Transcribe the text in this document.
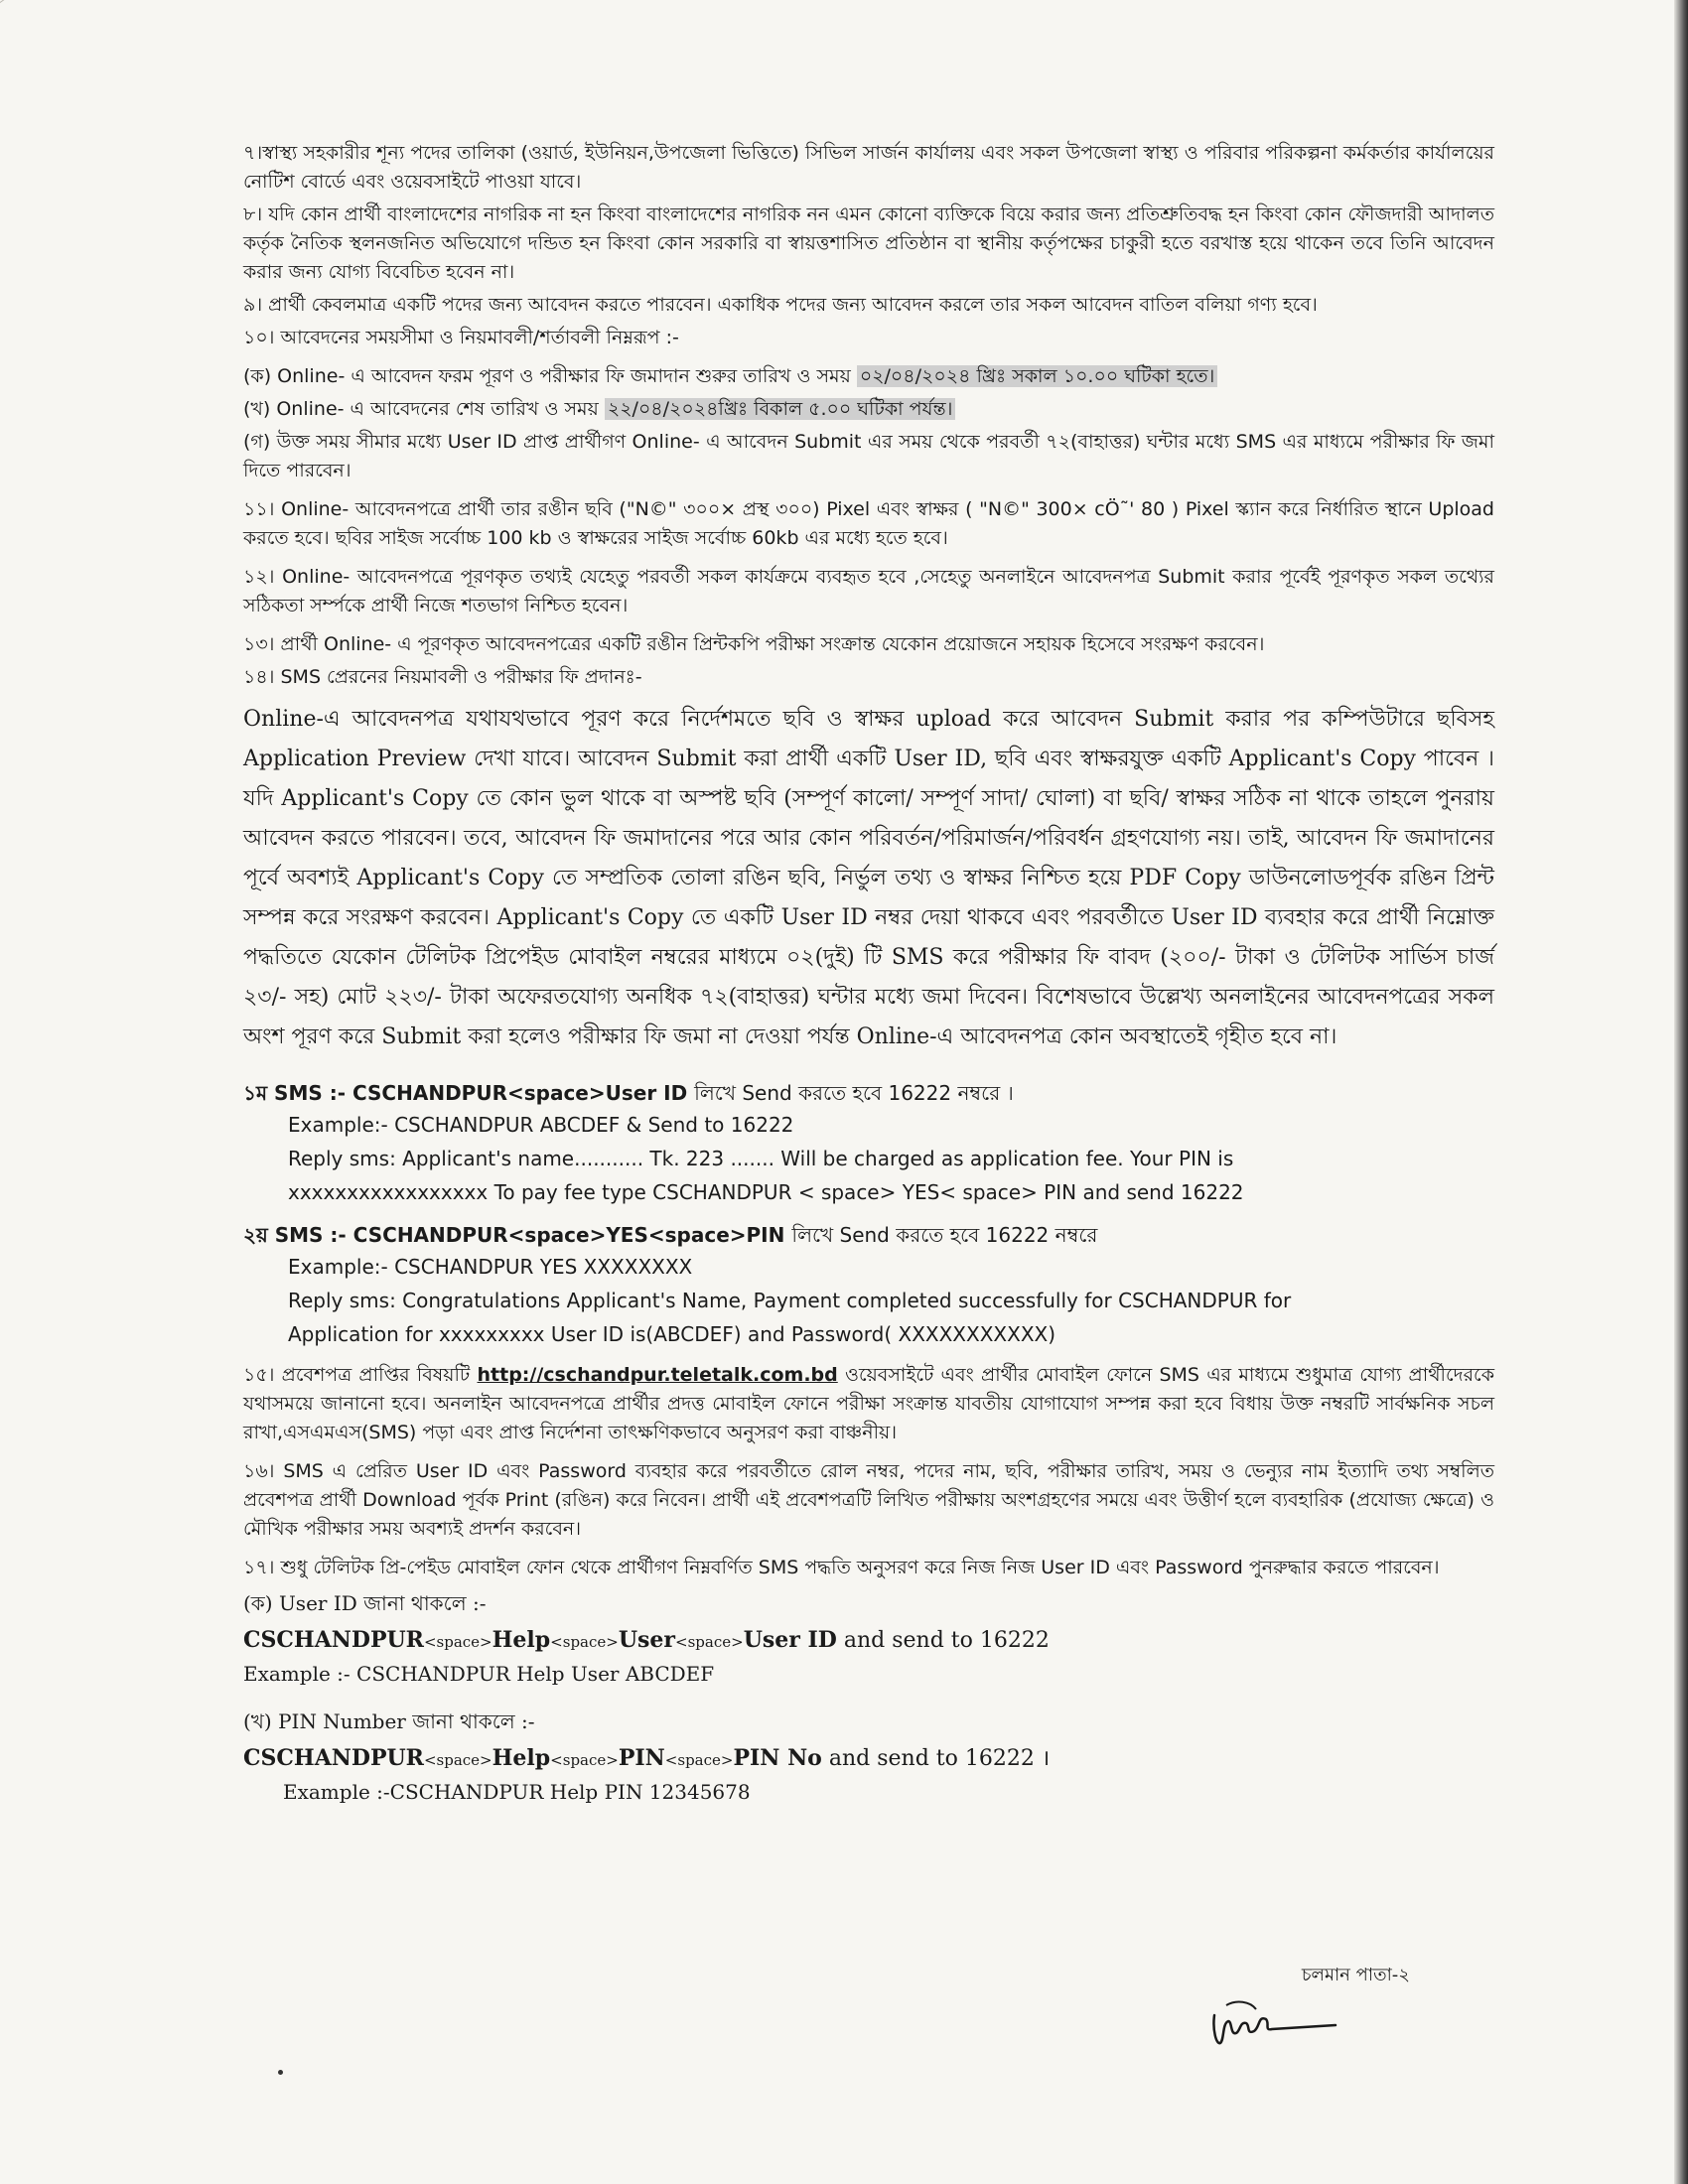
৭।স্বাস্থ্য সহকারীর শূন্য পদের তালিকা (ওয়ার্ড, ইউনিয়ন,উপজেলা ভিত্তিতে) সিভিল সার্জন কার্যালয় এবং সকল উপজেলা স্বাস্থ্য ও পরিবার পরিকল্পনা কর্মকর্তার কার্যালয়ের নোটিশ বোর্ডে এবং ওয়েবসাইটে পাওয়া যাবে।

৮। যদি কোন প্রার্থী বাংলাদেশের নাগরিক না হন কিংবা বাংলাদেশের নাগরিক নন এমন কোনো ব্যক্তিকে বিয়ে করার জন্য প্রতিশ্রুতিবদ্ধ হন কিংবা কোন ফৌজদারী আদালত কর্তৃক নৈতিক স্থলনজনিত অভিযোগে দন্ডিত হন কিংবা কোন সরকারি বা স্বায়ত্তশাসিত প্রতিষ্ঠান বা স্থানীয় কর্তৃপক্ষের চাকুরী হতে বরখাস্ত হয়ে থাকেন তবে তিনি আবেদন করার জন্য যোগ্য বিবেচিত হবেন না।

৯। প্রার্থী কেবলমাত্র একটি পদের জন্য আবেদন করতে পারবেন। একাধিক পদের জন্য আবেদন করলে তার সকল আবেদন বাতিল বলিয়া গণ্য হবে।

১০। আবেদনের সময়সীমা ও নিয়মাবলী/শর্তাবলী নিম্নরূপ :-

(ক) Online- এ আবেদন ফরম পূরণ ও পরীক্ষার ফি জমাদান শুরুর তারিখ ও সময় ০২/০৪/২০২৪ খ্রিঃ সকাল ১০.০০ ঘটিকা হতে।

(খ) Online- এ আবেদনের শেষ তারিখ ও সময় ২২/০৪/২০২৪খ্রিঃ বিকাল ৫.০০ ঘটিকা পর্যন্ত।

(গ) উক্ত সময় সীমার মধ্যে User ID প্রাপ্ত প্রার্থীগণ Online- এ আবেদন Submit এর সময় থেকে পরবর্তী ৭২(বাহাত্তর) ঘন্টার মধ্যে SMS এর মাধ্যমে পরীক্ষার ফি জমা দিতে পারবেন।

১১। Online- আবেদনপত্রে প্রার্থী তার রঙীন ছবি ("N©" ৩০০× প্রস্থ ৩০০) Pixel এবং স্বাক্ষর ( "N©" 300× cÖ˜' 80 ) Pixel স্ক্যান করে নির্ধারিত স্থানে Upload করতে হবে। ছবির সাইজ সর্বোচ্চ 100 kb ও স্বাক্ষরের সাইজ সর্বোচ্চ 60kb এর মধ্যে হতে হবে।

১২। Online- আবেদনপত্রে পূরণকৃত তথ্যই যেহেতু পরবর্তী সকল কার্যক্রমে ব্যবহৃত হবে ,সেহেতু অনলাইনে আবেদনপত্র Submit করার পূর্বেই পূরণকৃত সকল তথ্যের সঠিকতা সর্ম্পকে প্রার্থী নিজে শতভাগ নিশ্চিত হবেন।

১৩। প্রার্থী Online- এ পূরণকৃত আবেদনপত্রের একটি রঙীন প্রিন্টকপি পরীক্ষা সংক্রান্ত যেকোন প্রয়োজনে সহায়ক হিসেবে সংরক্ষণ করবেন।

১৪। SMS প্রেরনের নিয়মাবলী ও পরীক্ষার ফি প্রদানঃ-

Online-এ আবেদনপত্র যথাযথভাবে পূরণ করে নির্দেশমতে ছবি ও স্বাক্ষর upload করে আবেদন Submit করার পর কম্পিউটারে ছবিসহ Application Preview দেখা যাবে। আবেদন Submit করা প্রার্থী একটি User ID, ছবি এবং স্বাক্ষরযুক্ত একটি Applicant's Copy পাবেন । যদি Applicant's Copy তে কোন ভুল থাকে বা অস্পষ্ট ছবি (সম্পূর্ণ কালো/ সম্পূর্ণ সাদা/ ঘোলা) বা ছবি/ স্বাক্ষর সঠিক না থাকে তাহলে পুনরায় আবেদন করতে পারবেন। তবে, আবেদন ফি জমাদানের পরে আর কোন পরিবর্তন/পরিমার্জন/পরিবর্ধন গ্রহণযোগ্য নয়। তাই, আবেদন ফি জমাদানের পূর্বে অবশ্যই Applicant's Copy তে সম্প্রতিক তোলা রঙিন ছবি, নির্ভুল তথ্য ও স্বাক্ষর নিশ্চিত হয়ে PDF Copy ডাউনলোডপূর্বক রঙিন প্রিন্ট সম্পন্ন করে সংরক্ষণ করবেন। Applicant's Copy তে একটি User ID নম্বর দেয়া থাকবে এবং পরবর্তীতে User ID ব্যবহার করে প্রার্থী নিম্নোক্ত পদ্ধতিতে যেকোন টেলিটক প্রিপেইড মোবাইল নম্বরের মাধ্যমে ০২(দুই) টি SMS করে পরীক্ষার ফি বাবদ (২০০/- টাকা ও টেলিটক সার্ভিস চার্জ ২৩/- সহ) মোট ২২৩/- টাকা অফেরতযোগ্য অনধিক ৭২(বাহাত্তর) ঘন্টার মধ্যে জমা দিবেন। বিশেষভাবে উল্লেখ্য অনলাইনের আবেদনপত্রের সকল অংশ পূরণ করে Submit করা হলেও পরীক্ষার ফি জমা না দেওয়া পর্যন্ত Online-এ আবেদনপত্র কোন অবস্থাতেই গৃহীত হবে না।

১ম SMS :- CSCHANDPUR<space>User ID লিখে Send করতে হবে 16222 নম্বরে ।
Example:- CSCHANDPUR ABCDEF & Send to 16222
Reply sms: Applicant's name........... Tk. 223 ....... Will be charged as application fee. Your PIN is
xxxxxxxxxxxxxxxxx To pay fee type CSCHANDPUR < space> YES< space> PIN and send 16222
২য় SMS :- CSCHANDPUR<space>YES<space>PIN লিখে Send করতে হবে 16222 নম্বরে
Example:- CSCHANDPUR YES XXXXXXXX
Reply sms: Congratulations Applicant's Name, Payment completed successfully for CSCHANDPUR for
Application for xxxxxxxxx User ID is(ABCDEF) and Password( XXXXXXXXXXX)

১৫। প্রবেশপত্র প্রাপ্তির বিষয়টি http://cschandpur.teletalk.com.bd ওয়েবসাইটে এবং প্রার্থীর মোবাইল ফোনে SMS এর মাধ্যমে শুধুমাত্র যোগ্য প্রার্থীদেরকে যথাসময়ে জানানো হবে। অনলাইন আবেদনপত্রে প্রার্থীর প্রদত্ত মোবাইল ফোনে পরীক্ষা সংক্রান্ত যাবতীয় যোগাযোগ সম্পন্ন করা হবে বিধায় উক্ত নম্বরটি সার্বক্ষনিক সচল রাখা,এসএমএস(SMS) পড়া এবং প্রাপ্ত নির্দেশনা তাৎক্ষণিকভাবে অনুসরণ করা বাঞ্চনীয়।

১৬। SMS এ প্রেরিত User ID এবং Password ব্যবহার করে পরবর্তীতে রোল নম্বর, পদের নাম, ছবি, পরীক্ষার তারিখ, সময় ও ভেন্যুর নাম ইত্যাদি তথ্য সম্বলিত প্রবেশপত্র প্রার্থী Download পূর্বক Print (রঙিন) করে নিবেন। প্রার্থী এই প্রবেশপত্রটি লিখিত পরীক্ষায় অংশগ্রহণের সময়ে এবং উত্তীর্ণ হলে ব্যবহারিক (প্রযোজ্য ক্ষেত্রে) ও মৌখিক পরীক্ষার সময় অবশ্যই প্রদর্শন করবেন।

১৭। শুধু টেলিটক প্রি-পেইড মোবাইল ফোন থেকে প্রার্থীগণ নিম্নবর্ণিত SMS পদ্ধতি অনুসরণ করে নিজ নিজ User ID এবং Password পুনরুদ্ধার করতে পারবেন।

(ক) User ID জানা থাকলে :-
CSCHANDPUR<space>Help<space>User<space>User ID and send to 16222
Example :- CSCHANDPUR Help User ABCDEF
(খ) PIN Number জানা থাকলে :-
CSCHANDPUR<space>Help<space>PIN<space>PIN No and send to 16222 ।
Example :-CSCHANDPUR Help PIN 12345678
চলমান পাতা-২
